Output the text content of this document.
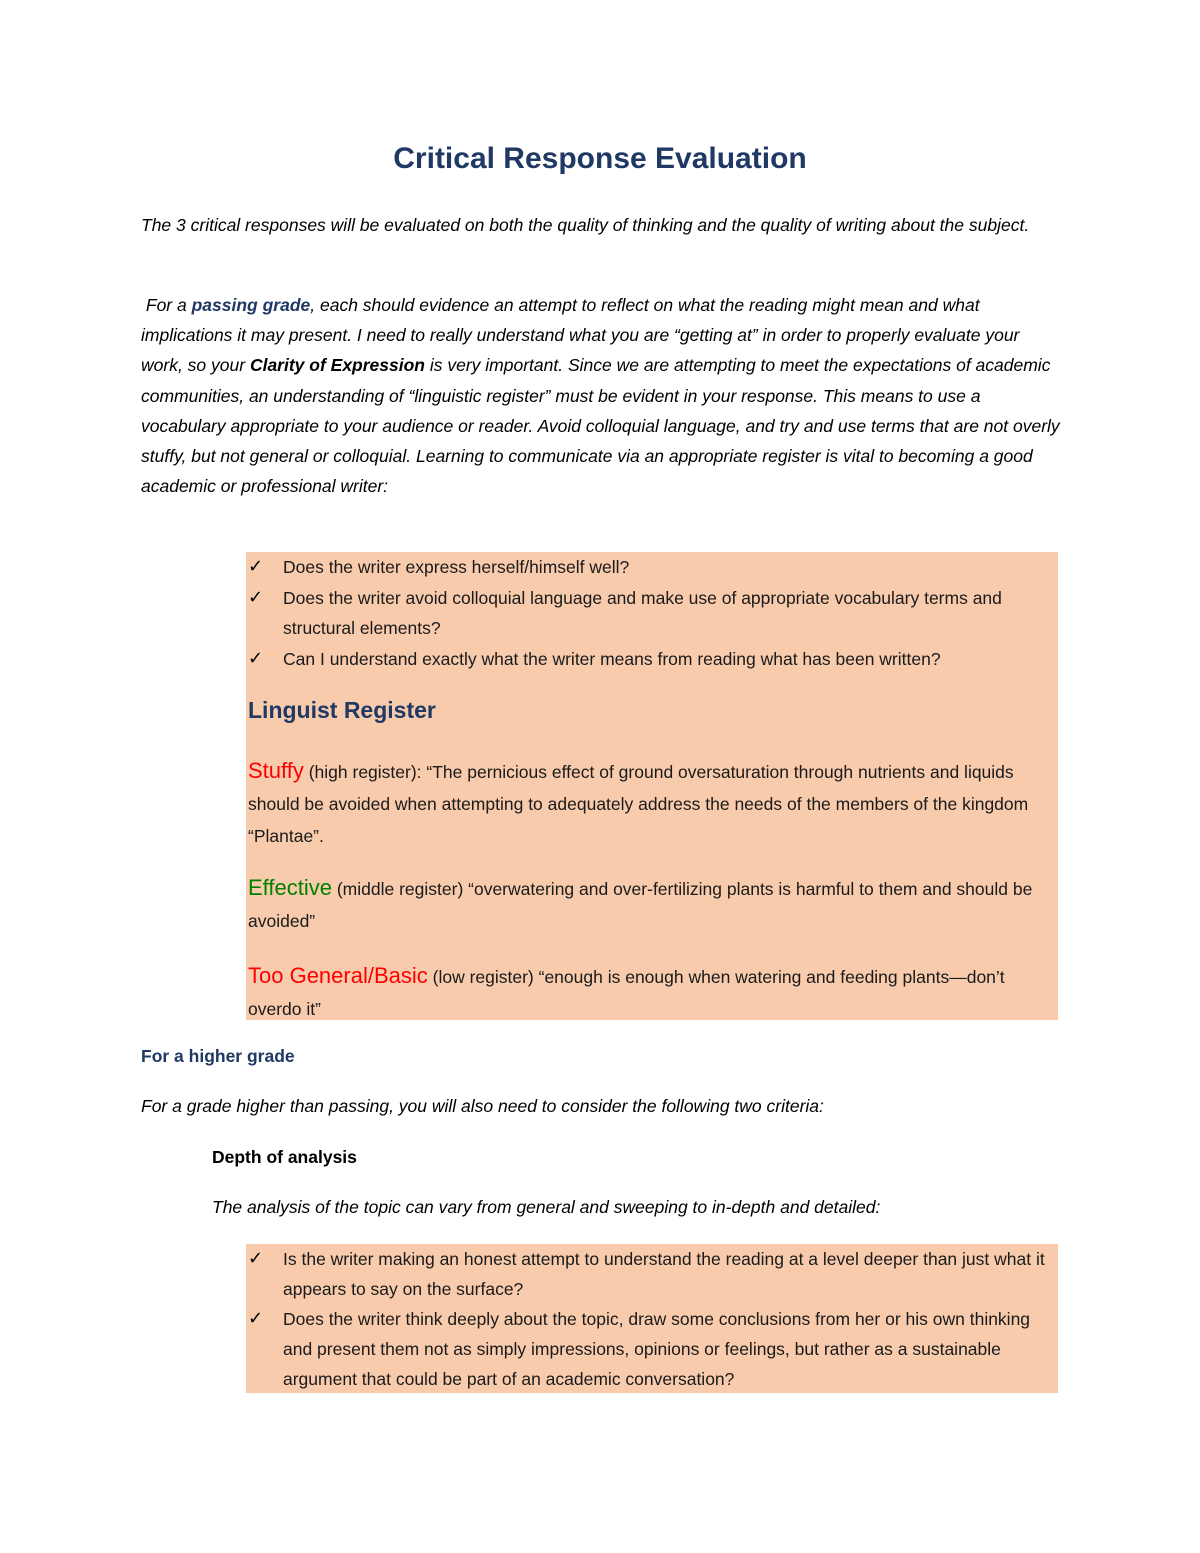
Critical Response Evaluation

The 3 critical responses will be evaluated on both the quality of thinking and the quality of writing about the subject.

For a passing grade, each should evidence an attempt to reflect on what the reading might mean and what implications it may present. I need to really understand what you are “getting at” in order to properly evaluate your work, so your Clarity of Expression is very important. Since we are attempting to meet the expectations of academic communities, an understanding of “linguistic register” must be evident in your response. This means to use a vocabulary appropriate to your audience or reader. Avoid colloquial language, and try and use terms that are not overly stuffy, but not general or colloquial. Learning to communicate via an appropriate register is vital to becoming a good academic or professional writer:

✓ Does the writer express herself/himself well?

✓ Does the writer avoid colloquial language and make use of appropriate vocabulary terms and structural elements?

✓ Can I understand exactly what the writer means from reading what has been written?

Linguist Register

Stuffy (high register): “The pernicious effect of ground oversaturation through nutrients and liquids should be avoided when attempting to adequately address the needs of the members of the kingdom “Plantae”.

Effective (middle register) “overwatering and over-fertilizing plants is harmful to them and should be avoided”

Too General/Basic (low register) “enough is enough when watering and feeding plants—don’t overdo it”

For a higher grade

For a grade higher than passing, you will also need to consider the following two criteria:

Depth of analysis

The analysis of the topic can vary from general and sweeping to in-depth and detailed:

✓ Is the writer making an honest attempt to understand the reading at a level deeper than just what it appears to say on the surface?

✓ Does the writer think deeply about the topic, draw some conclusions from her or his own thinking and present them not as simply impressions, opinions or feelings, but rather as a sustainable argument that could be part of an academic conversation?
